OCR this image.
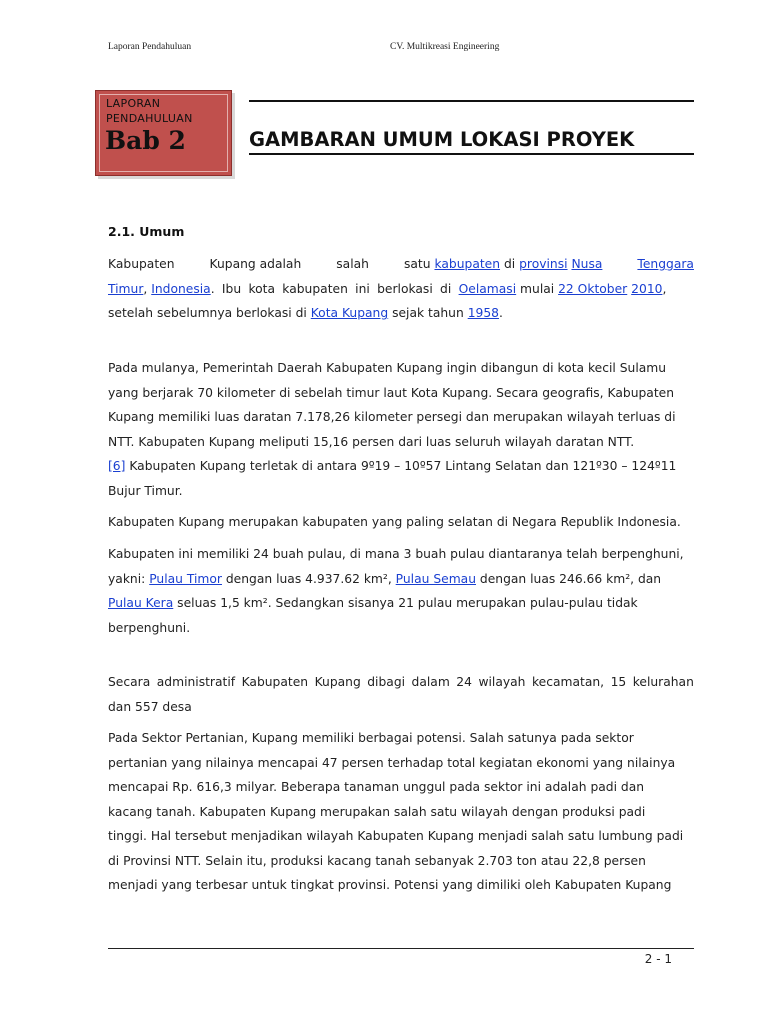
Laporan Pendahuluan	CV. Multikreasi Engineering
LAPORAN PENDAHULUAN
Bab 2	GAMBARAN UMUM LOKASI PROYEK
2.1. Umum
Kabupaten	Kupang adalah	salah	satu kabupaten di provinsi Nusa	Tenggara
Timur, Indonesia. Ibu kota kabupaten ini berlokasi di Oelamasi mulai 22 Oktober 2010,
setelah sebelumnya berlokasi di Kota Kupang sejak tahun 1958.
Pada mulanya, Pemerintah Daerah Kabupaten Kupang ingin dibangun di kota kecil Sulamu
yang berjarak 70 kilometer di sebelah timur laut Kota Kupang. Secara geografis, Kabupaten
Kupang memiliki luas daratan 7.178,26 kilometer persegi dan merupakan wilayah terluas di
NTT. Kabupaten Kupang meliputi 15,16 persen dari luas seluruh wilayah daratan NTT.
[6] Kabupaten Kupang terletak di antara 9º19 – 10º57 Lintang Selatan dan 121º30 – 124º11
Bujur Timur.
Kabupaten Kupang merupakan kabupaten yang paling selatan di Negara Republik Indonesia.
Kabupaten ini memiliki 24 buah pulau, di mana 3 buah pulau diantaranya telah berpenghuni,
yakni: Pulau Timor dengan luas 4.937.62 km², Pulau Semau dengan luas 246.66 km², dan
Pulau Kera seluas 1,5 km². Sedangkan sisanya 21 pulau merupakan pulau-pulau tidak
berpenghuni.
Secara administratif Kabupaten Kupang dibagi dalam 24 wilayah kecamatan, 15 kelurahan
dan 557 desa
Pada Sektor Pertanian, Kupang memiliki berbagai potensi. Salah satunya pada sektor
pertanian yang nilainya mencapai 47 persen terhadap total kegiatan ekonomi yang nilainya
mencapai Rp. 616,3 milyar. Beberapa tanaman unggul pada sektor ini adalah padi dan
kacang tanah. Kabupaten Kupang merupakan salah satu wilayah dengan produksi padi
tinggi. Hal tersebut menjadikan wilayah Kabupaten Kupang menjadi salah satu lumbung padi
di Provinsi NTT. Selain itu, produksi kacang tanah sebanyak 2.703 ton atau 22,8 persen
menjadi yang terbesar untuk tingkat provinsi. Potensi yang dimiliki oleh Kabupaten Kupang
2 - 1
